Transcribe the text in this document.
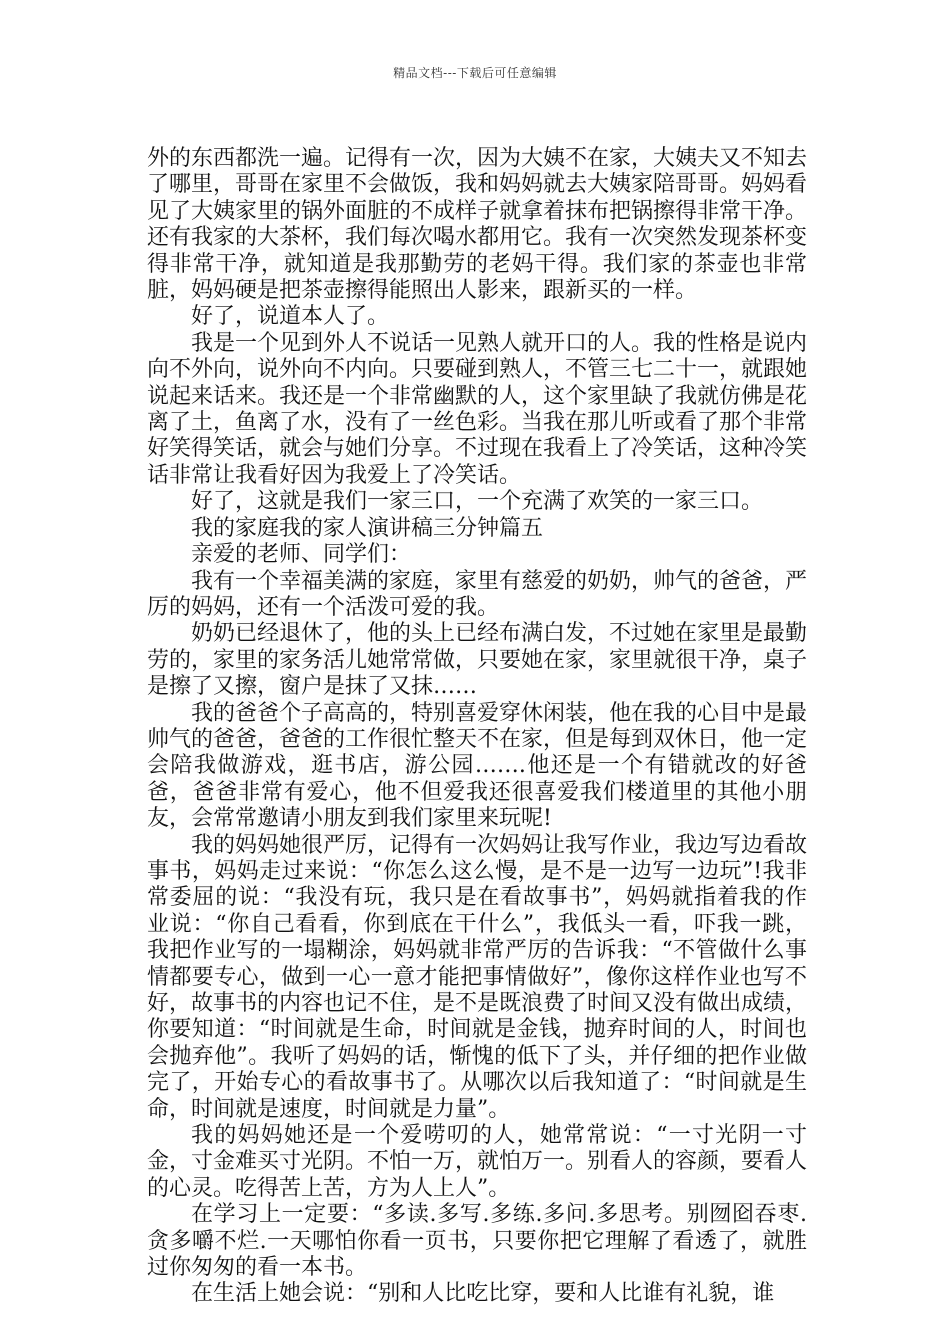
精品文档---下载后可任意编辑

外的东西都洗一遍。记得有一次，因为大姨不在家，大姨夫又不知去了哪里，哥哥在家里不会做饭，我和妈妈就去大姨家陪哥哥。妈妈看见了大姨家里的锅外面脏的不成样子就拿着抹布把锅擦得非常干净。还有我家的大茶杯，我们每次喝水都用它。我有一次突然发现茶杯变得非常干净，就知道是我那勤劳的老妈干得。我们家的茶壶也非常脏，妈妈硬是把茶壶擦得能照出人影来，跟新买的一样。

好了，说道本人了。

我是一个见到外人不说话一见熟人就开口的人。我的性格是说内向不外向，说外向不内向。只要碰到熟人，不管三七二十一，就跟她说起来话来。我还是一个非常幽默的人，这个家里缺了我就仿佛是花离了土，鱼离了水，没有了一丝色彩。当我在那儿听或看了那个非常好笑得笑话，就会与她们分享。不过现在我看上了冷笑话，这种冷笑话非常让我看好因为我爱上了冷笑话。

好了，这就是我们一家三口，一个充满了欢笑的一家三口。

我的家庭我的家人演讲稿三分钟篇五

亲爱的老师、同学们：

我有一个幸福美满的家庭，家里有慈爱的奶奶，帅气的爸爸，严厉的妈妈，还有一个活泼可爱的我。

奶奶已经退休了，他的头上已经布满白发，不过她在家里是最勤劳的，家里的家务活儿她常常做，只要她在家，家里就很干净，桌子是擦了又擦，窗户是抹了又抹……

我的爸爸个子高高的，特别喜爱穿休闲装，他在我的心目中是最帅气的爸爸，爸爸的工作很忙整天不在家，但是每到双休日，他一定会陪我做游戏，逛书店，游公园…….他还是一个有错就改的好爸爸，爸爸非常有爱心，他不但爱我还很喜爱我们楼道里的其他小朋友，会常常邀请小朋友到我们家里来玩呢!

我的妈妈她很严厉，记得有一次妈妈让我写作业，我边写边看故事书，妈妈走过来说：“你怎么这么慢，是不是一边写一边玩”!我非常委屈的说：“我没有玩，我只是在看故事书”，妈妈就指着我的作业说：“你自己看看，你到底在干什么”，我低头一看，吓我一跳，我把作业写的一塌糊涂，妈妈就非常严厉的告诉我：“不管做什么事情都要专心，做到一心一意才能把事情做好”，像你这样作业也写不好，故事书的内容也记不住，是不是既浪费了时间又没有做出成绩，你要知道：“时间就是生命，时间就是金钱，抛弃时间的人，时间也会抛弃他”。我听了妈妈的话，惭愧的低下了头，并仔细的把作业做完了，开始专心的看故事书了。从哪次以后我知道了：“时间就是生命，时间就是速度，时间就是力量”。

我的妈妈她还是一个爱唠叨的人，她常常说：“一寸光阴一寸金，寸金难买寸光阴。不怕一万，就怕万一。别看人的容颜，要看人的心灵。吃得苦上苦，方为人上人”。

在学习上一定要：“多读.多写.多练.多问.多思考。别囫囵吞枣.贪多嚼不烂.一天哪怕你看一页书，只要你把它理解了看透了，就胜过你匆匆的看一本书。

在生活上她会说：“别和人比吃比穿，要和人比谁有礼貌，谁
